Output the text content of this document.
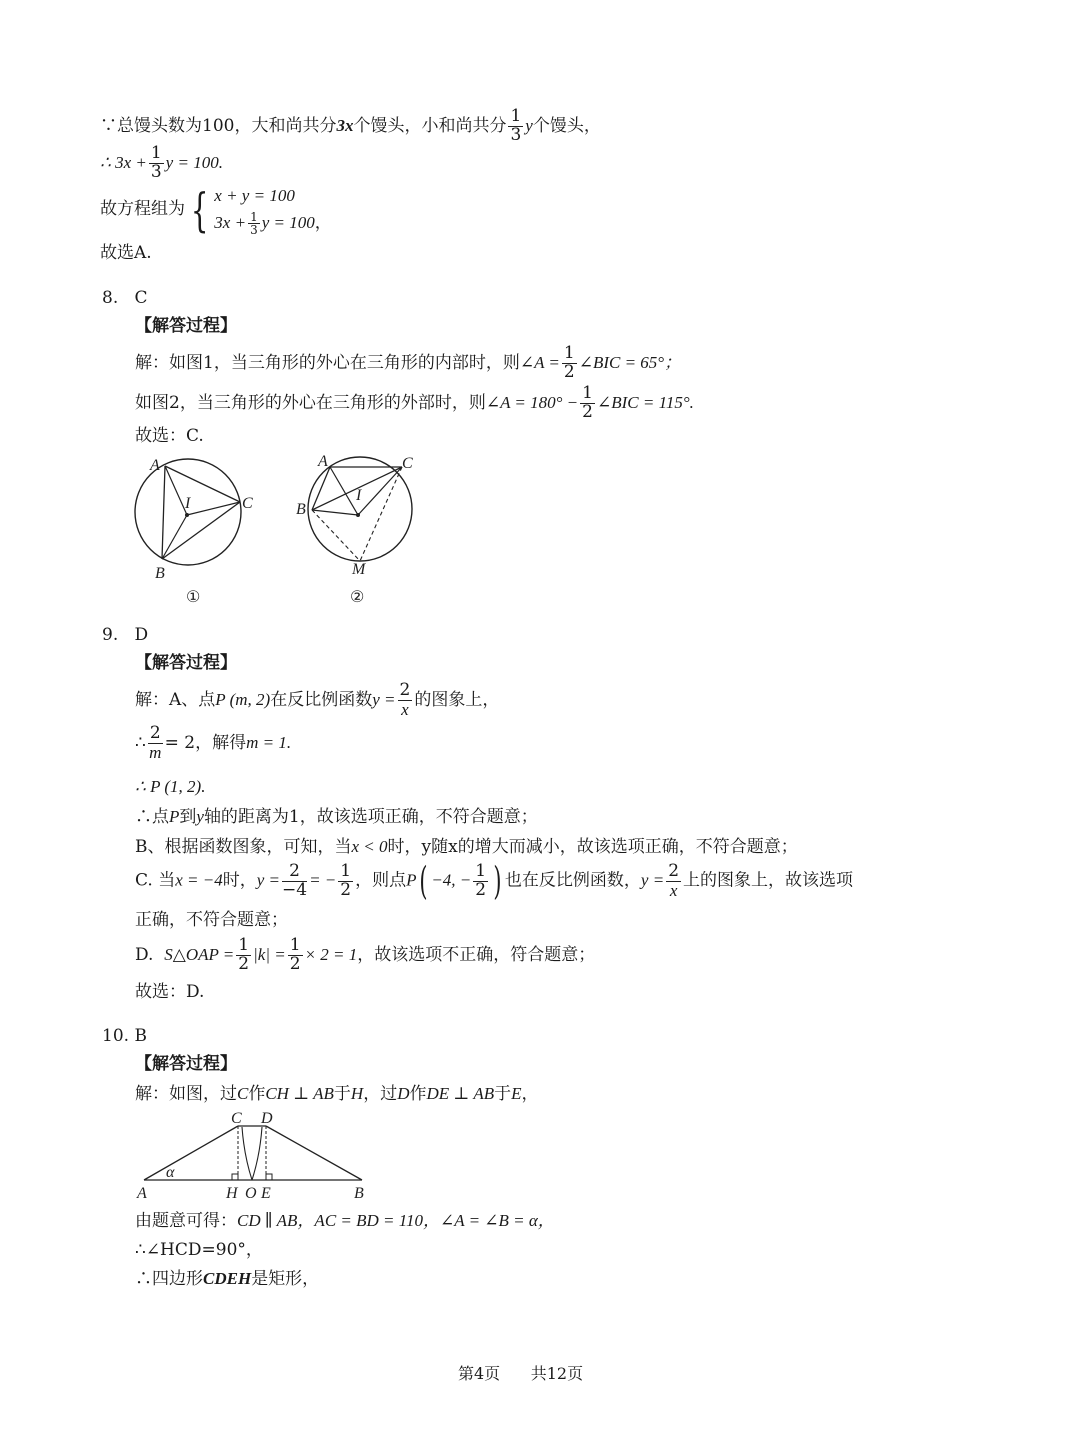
∵总馒头数为100，大和尚共分3x个馒头，小和尚共分 $\frac{1}{3}$ y个馒头，
∴ $3x + \frac{1}{3}$ y = 100.
故方程组为 { x + y = 100
$3x + \frac{1}{3}$ y = 100，
故选A.
8. C
【解答过程】
解：如图1，当三角形的外心在三角形的内部时，则∠A = $\frac{1}{2}$ ∠BIC = 65°；
如图2，当三角形的外心在三角形的外部时，则∠A = $180^\circ - \frac{1}{2}$ ∠BIC = 115°.
故选：C.
A
B
C
I
①
A
B
C
I
M
②
9. D
【解答过程】
解：A、点P (m, 2)在反比例函数$y = \frac{2}{x}$ 的图象上，
∴ $\frac{2}{m} = 2$，解得m = 1.
∴ P (1, 2).
∴点P到y轴的距离为1，故该选项正确，不符合题意；
B、根据函数图象，可知，当x < 0时，y随x的增大而减小，故该选项正确，不符合题意；
C. 当x = −4时，$y = \frac{2}{-4}$ = − $\frac{1}{2}$ ，则点P( −4, − $\frac{1}{2}$ ) 也在反比例函数，$y = \frac{2}{x}$ 上的图象上，故该选项
正确，不符合题意；
D. S△OAP = $\frac{1}{2} |k| = \frac{1}{2} \times 2 = 1$，故该选项不正确，符合题意；
故选：D.
10. B
【解答过程】
解：如图，过C作CH ⊥ AB于H，过D作DE ⊥ AB于E，
α
A	H O E	B
C D
由题意可得：CD ∥ AB，AC = BD = 110，∠A = ∠B = α，
∴∠HCD=90°，
∴四边形CDEH是矩形，
第4页 共12页
